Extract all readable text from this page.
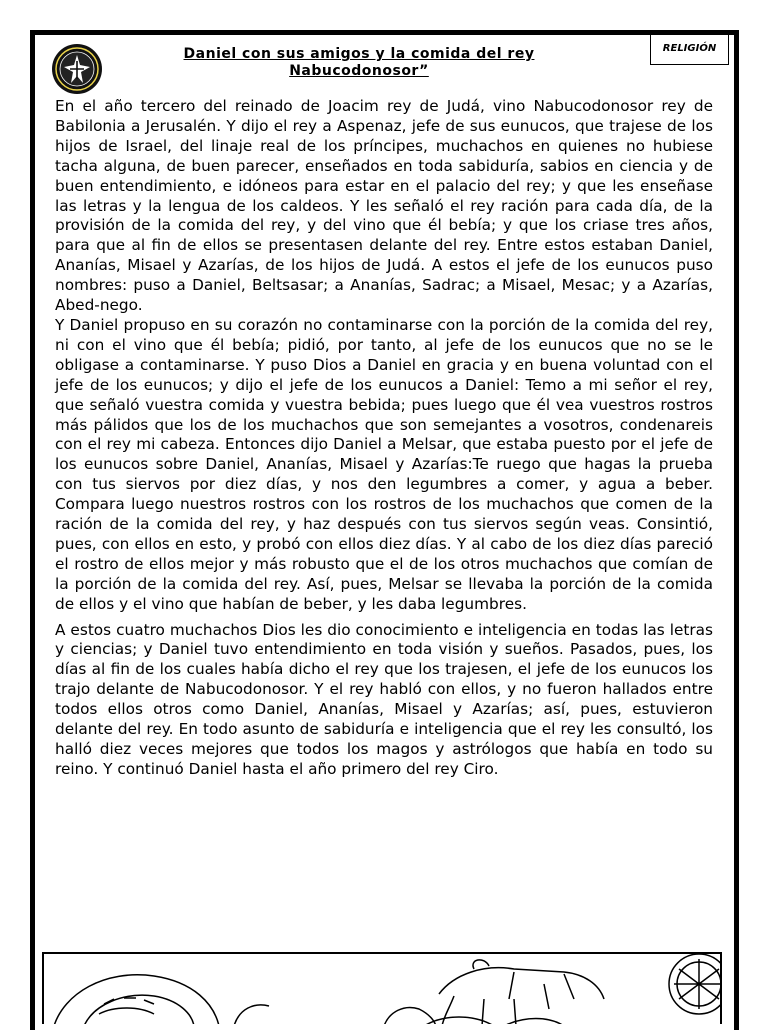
Daniel con sus amigos y la comida del rey
Nabucodonosor”
RELIGIÓN

En el año tercero del reinado de Joacim rey de Judá, vino Nabucodonosor rey de Babilonia a Jerusalén. Y dijo el rey a Aspenaz, jefe de sus eunucos, que trajese de los hijos de Israel, del linaje real de los príncipes, muchachos en quienes no hubiese tacha alguna, de buen parecer, enseñados en toda sabiduría, sabios en ciencia y de buen entendimiento, e idóneos para estar en el palacio del rey; y que les enseñase las letras y la lengua de los caldeos. Y les señaló el rey ración para cada día, de la provisión de la comida del rey, y del vino que él bebía; y que los criase tres años, para que al fin de ellos se presentasen delante del rey. Entre estos estaban Daniel, Ananías, Misael y Azarías, de los hijos de Judá. A estos el jefe de los eunucos puso nombres: puso a Daniel, Beltsasar; a Ananías, Sadrac; a Misael, Mesac; y a Azarías, Abed-nego.

Y Daniel propuso en su corazón no contaminarse con la porción de la comida del rey, ni con el vino que él bebía; pidió, por tanto, al jefe de los eunucos que no se le obligase a contaminarse. Y puso Dios a Daniel en gracia y en buena voluntad con el jefe de los eunucos; y dijo el jefe de los eunucos a Daniel: Temo a mi señor el rey, que señaló vuestra comida y vuestra bebida; pues luego que él vea vuestros rostros más pálidos que los de los muchachos que son semejantes a vosotros, condenareis con el rey mi cabeza. Entonces dijo Daniel a Melsar, que estaba puesto por el jefe de los eunucos sobre Daniel, Ananías, Misael y Azarías:Te ruego que hagas la prueba con tus siervos por diez días, y nos den legumbres a comer, y agua a beber. Compara luego nuestros rostros con los rostros de los muchachos que comen de la ración de la comida del rey, y haz después con tus siervos según veas. Consintió, pues, con ellos en esto, y probó con ellos diez días. Y al cabo de los diez días pareció el rostro de ellos mejor y más robusto que el de los otros muchachos que comían de la porción de la comida del rey. Así, pues, Melsar se llevaba la porción de la comida de ellos y el vino que habían de beber, y les daba legumbres.

A estos cuatro muchachos Dios les dio conocimiento e inteligencia en todas las letras y ciencias; y Daniel tuvo entendimiento en toda visión y sueños. Pasados, pues, los días al fin de los cuales había dicho el rey que los trajesen, el jefe de los eunucos los trajo delante de Nabucodonosor. Y el rey habló con ellos, y no fueron hallados entre todos ellos otros como Daniel, Ananías, Misael y Azarías; así, pues, estuvieron delante del rey. En todo asunto de sabiduría e inteligencia que el rey les consultó, los halló diez veces mejores que todos los magos y astrólogos que había en todo su reino. Y continuó Daniel hasta el año primero del rey Ciro.
